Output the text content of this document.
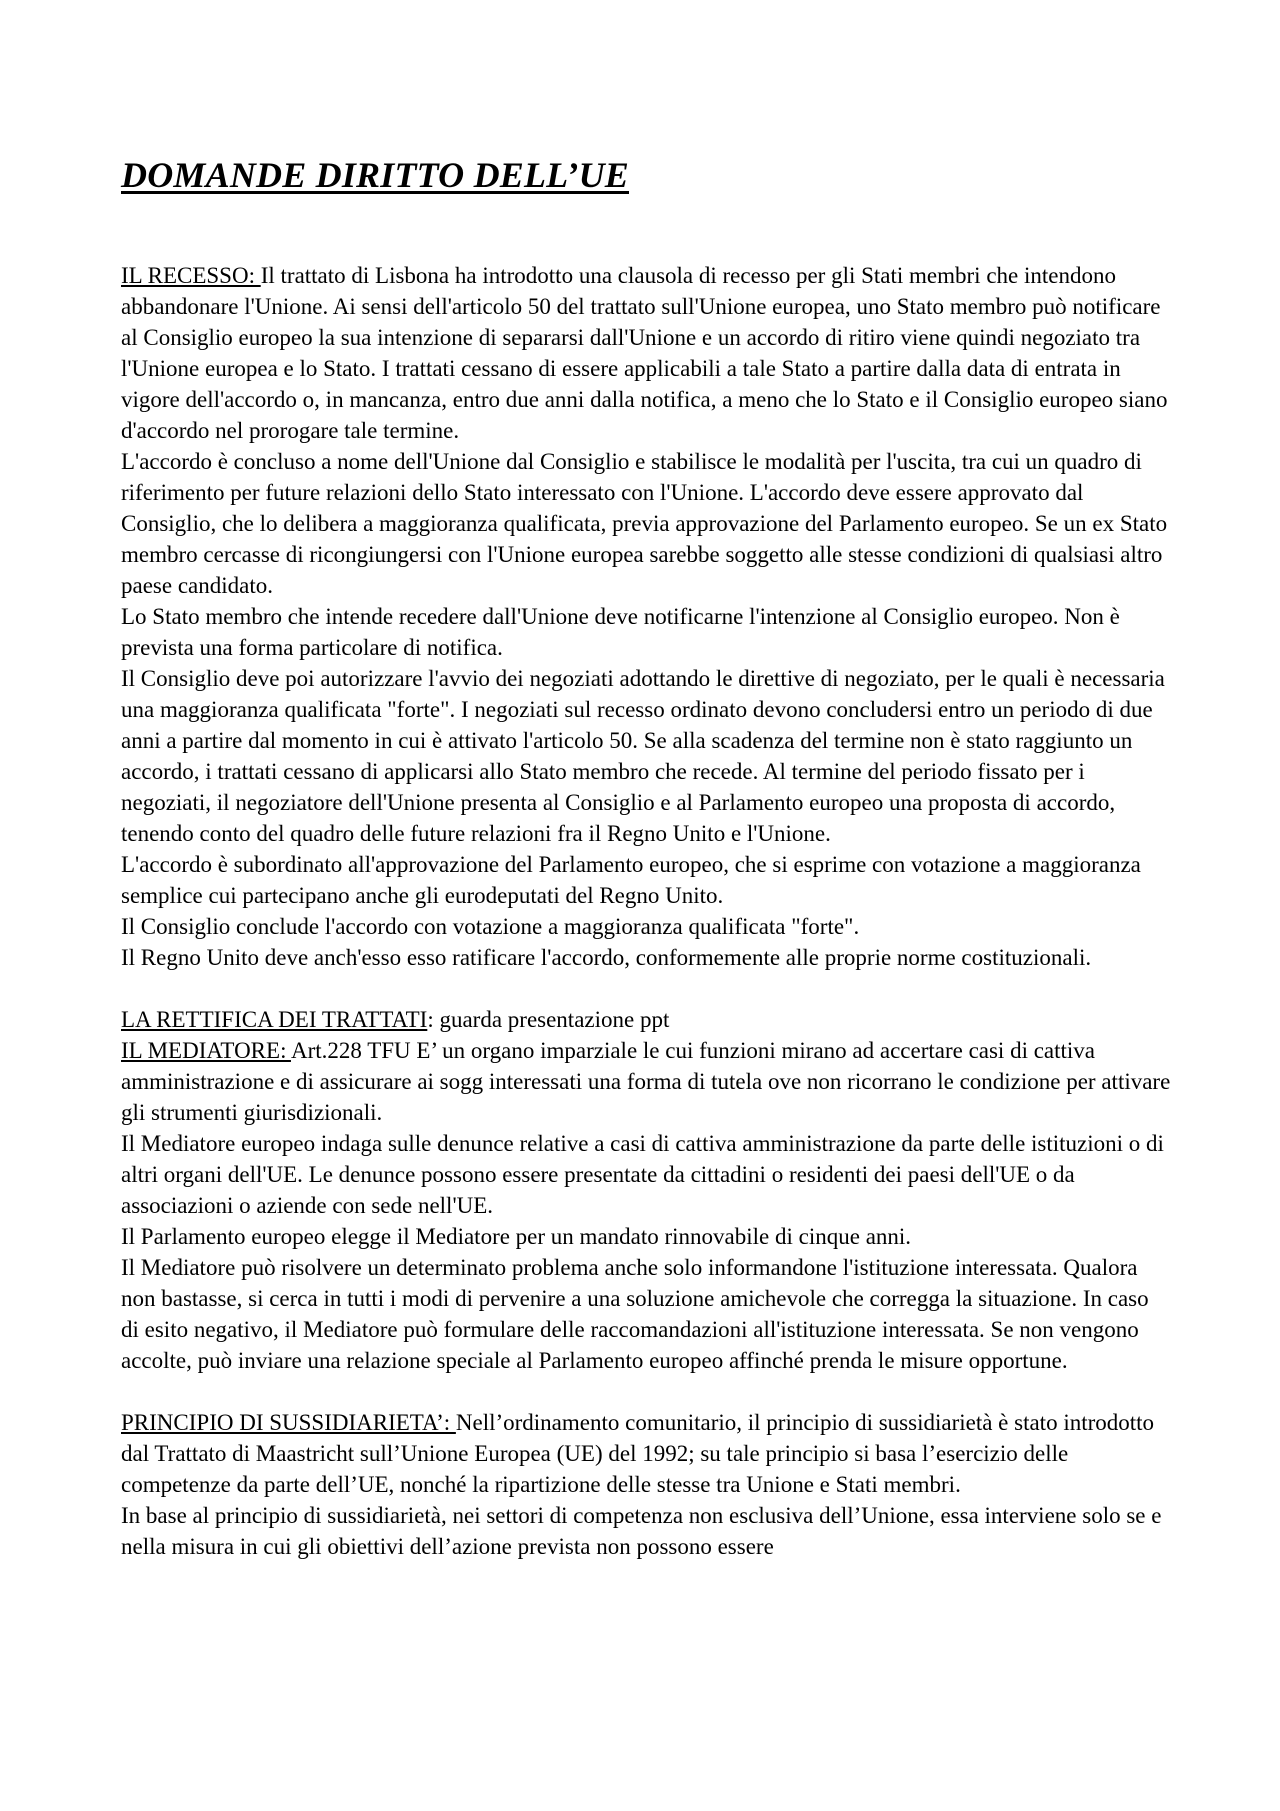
DOMANDE DIRITTO DELL’UE

IL RECESSO: Il trattato di Lisbona ha introdotto una clausola di recesso per gli Stati membri che intendono abbandonare l'Unione. Ai sensi dell'articolo 50 del trattato sull'Unione europea, uno Stato membro può notificare al Consiglio europeo la sua intenzione di separarsi dall'Unione e un accordo di ritiro viene quindi negoziato tra l'Unione europea e lo Stato. I trattati cessano di essere applicabili a tale Stato a partire dalla data di entrata in vigore dell'accordo o, in mancanza, entro due anni dalla notifica, a meno che lo Stato e il Consiglio europeo siano d'accordo nel prorogare tale termine.

L'accordo è concluso a nome dell'Unione dal Consiglio e stabilisce le modalità per l'uscita, tra cui un quadro di riferimento per future relazioni dello Stato interessato con l'Unione. L'accordo deve essere approvato dal Consiglio, che lo delibera a maggioranza qualificata, previa approvazione del Parlamento europeo. Se un ex Stato membro cercasse di ricongiungersi con l'Unione europea sarebbe soggetto alle stesse condizioni di qualsiasi altro paese candidato.

Lo Stato membro che intende recedere dall'Unione deve notificarne l'intenzione al Consiglio europeo. Non è prevista una forma particolare di notifica.

Il Consiglio deve poi autorizzare l'avvio dei negoziati adottando le direttive di negoziato, per le quali è necessaria una maggioranza qualificata "forte". I negoziati sul recesso ordinato devono concludersi entro un periodo di due anni a partire dal momento in cui è attivato l'articolo 50. Se alla scadenza del termine non è stato raggiunto un accordo, i trattati cessano di applicarsi allo Stato membro che recede. Al termine del periodo fissato per i negoziati, il negoziatore dell'Unione presenta al Consiglio e al Parlamento europeo una proposta di accordo, tenendo conto del quadro delle future relazioni fra il Regno Unito e l'Unione.

L'accordo è subordinato all'approvazione del Parlamento europeo, che si esprime con votazione a maggioranza semplice cui partecipano anche gli eurodeputati del Regno Unito.

Il Consiglio conclude l'accordo con votazione a maggioranza qualificata "forte".

Il Regno Unito deve anch'esso esso ratificare l'accordo, conformemente alle proprie norme costituzionali.

LA RETTIFICA DEI TRATTATI: guarda presentazione ppt

IL MEDIATORE: Art.228 TFU E’ un organo imparziale le cui funzioni mirano ad accertare casi di cattiva amministrazione e di assicurare ai sogg interessati una forma di tutela ove non ricorrano le condizione per attivare gli strumenti giurisdizionali.

Il Mediatore europeo indaga sulle denunce relative a casi di cattiva amministrazione da parte delle istituzioni o di altri organi dell'UE. Le denunce possono essere presentate da cittadini o residenti dei paesi dell'UE o da associazioni o aziende con sede nell'UE.

Il Parlamento europeo elegge il Mediatore per un mandato rinnovabile di cinque anni.

Il Mediatore può risolvere un determinato problema anche solo informandone l'istituzione interessata. Qualora non bastasse, si cerca in tutti i modi di pervenire a una soluzione amichevole che corregga la situazione. In caso di esito negativo, il Mediatore può formulare delle raccomandazioni all'istituzione interessata. Se non vengono accolte, può inviare una relazione speciale al Parlamento europeo affinché prenda le misure opportune.

PRINCIPIO DI SUSSIDIARIETA’: Nell’ordinamento comunitario, il principio di sussidiarietà è stato introdotto dal Trattato di Maastricht sull’Unione Europea (UE) del 1992; su tale principio si basa l’esercizio delle competenze da parte dell’UE, nonché la ripartizione delle stesse tra Unione e Stati membri.

In base al principio di sussidiarietà, nei settori di competenza non esclusiva dell’Unione, essa interviene solo se e nella misura in cui gli obiettivi dell’azione prevista non possono essere
